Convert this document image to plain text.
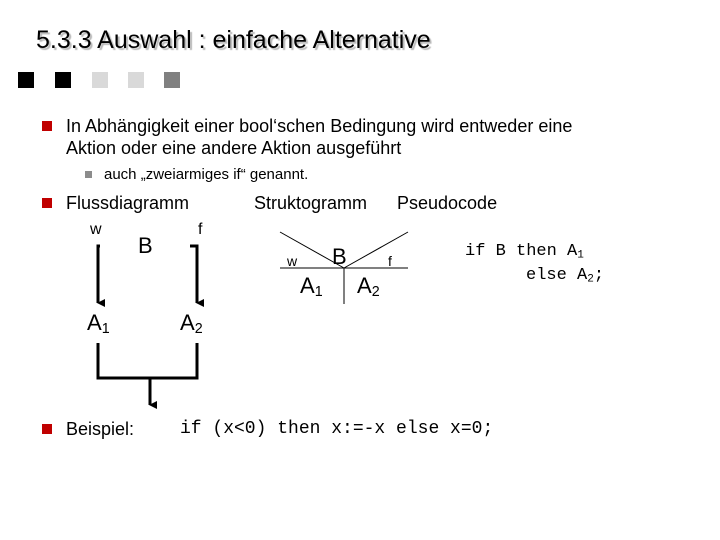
5.3.3 Auswahl : einfache Alternative
In Abhängigkeit einer bool‘schen Bedingung wird entweder eine
Aktion oder eine andere Aktion ausgeführt
auch „zweiarmiges if“ genannt.
Flussdiagramm	Struktogramm Pseudocode
w	f
B
$A_1$	$A_2$
w	f
B
$A_1$ $A_2$
if B then $A_1$
else $A_2$;
Beispiel:	if (x<0) then x:=-x else x=0;
